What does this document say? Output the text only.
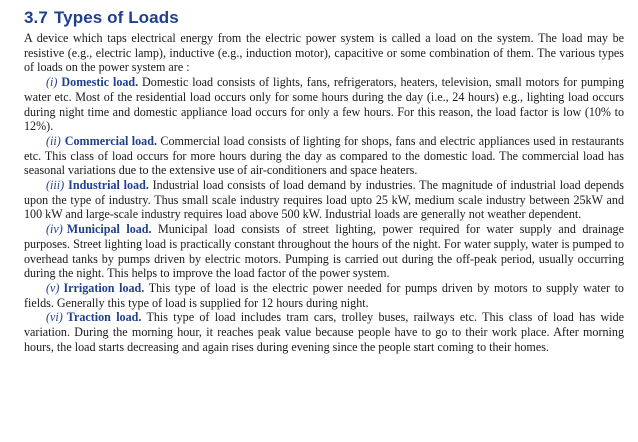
3.7 Types of Loads

A device which taps electrical energy from the electric power system is called a load on the system. The load may be resistive (e.g., electric lamp), inductive (e.g., induction motor), capacitive or some combination of them. The various types of loads on the power system are :

(i) Domestic load. Domestic load consists of lights, fans, refrigerators, heaters, television, small motors for pumping water etc. Most of the residential load occurs only for some hours during the day (i.e., 24 hours) e.g., lighting load occurs during night time and domestic appliance load occurs for only a few hours. For this reason, the load factor is low (10% to 12%).

(ii) Commercial load. Commercial load consists of lighting for shops, fans and electric appliances used in restaurants etc. This class of load occurs for more hours during the day as compared to the domestic load. The commercial load has seasonal variations due to the extensive use of air-conditioners and space heaters.

(iii) Industrial load. Industrial load consists of load demand by industries. The magnitude of industrial load depends upon the type of industry. Thus small scale industry requires load upto 25 kW, medium scale industry between 25kW and 100 kW and large-scale industry requires load above 500 kW. Industrial loads are generally not weather dependent.

(iv) Municipal load. Municipal load consists of street lighting, power required for water supply and drainage purposes. Street lighting load is practically constant throughout the hours of the night. For water supply, water is pumped to overhead tanks by pumps driven by electric motors. Pumping is carried out during the off-peak period, usually occurring during the night. This helps to improve the load factor of the power system.

(v) Irrigation load. This type of load is the electric power needed for pumps driven by motors to supply water to fields. Generally this type of load is supplied for 12 hours during night.

(vi) Traction load. This type of load includes tram cars, trolley buses, railways etc. This class of load has wide variation. During the morning hour, it reaches peak value because people have to go to their work place. After morning hours, the load starts decreasing and again rises during evening since the people start coming to their homes.
